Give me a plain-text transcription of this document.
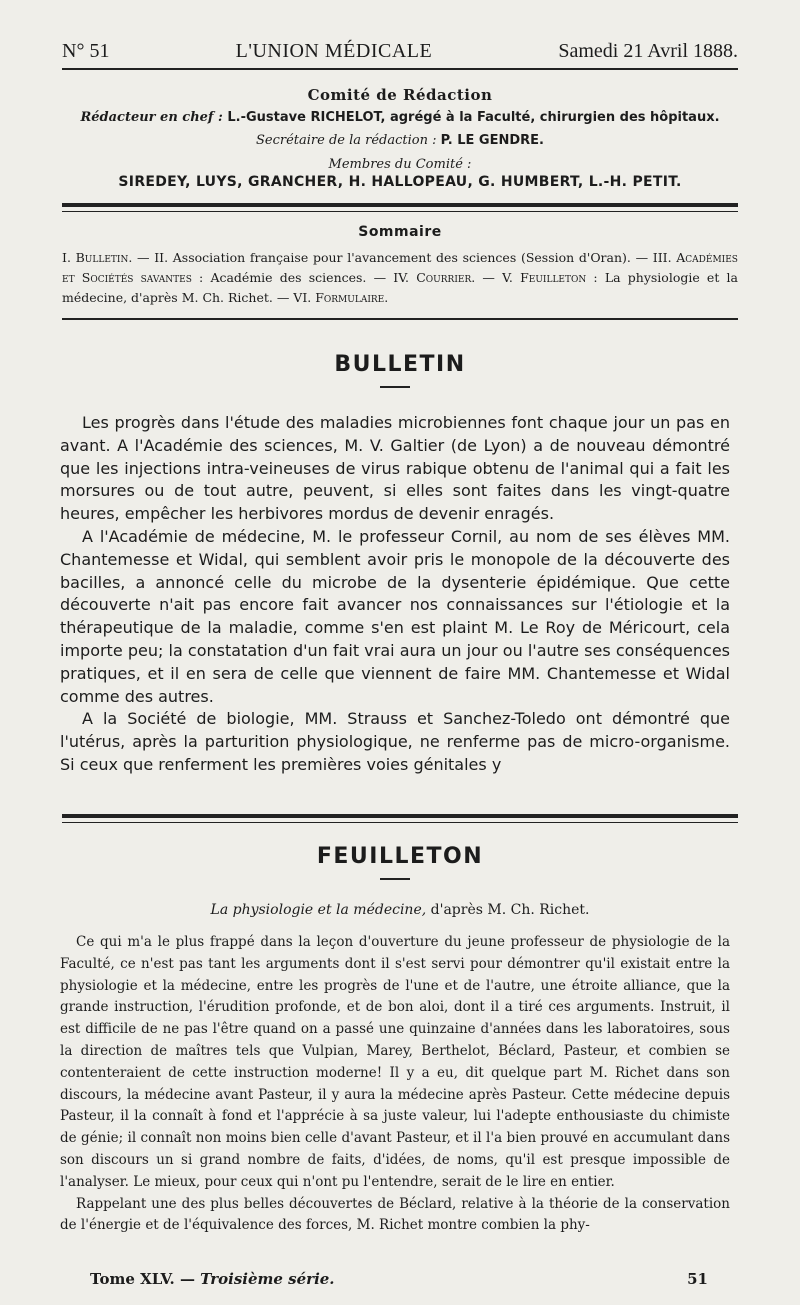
N° 51	L'UNION MÉDICALE	Samedi 21 Avril 1888.
Comité de Rédaction
Rédacteur en chef : L.-Gustave RICHELOT, agrégé à la Faculté, chirurgien des hôpitaux.
Secrétaire de la rédaction : P. LE GENDRE.
Membres du Comité :
SIREDEY, LUYS, GRANCHER, H. HALLOPEAU, G. HUMBERT, L.-H. PETIT.
Sommaire
I. Bulletin. — II. Association française pour l'avancement des sciences (Session d'Oran). — III. Académies et Sociétés savantes : Académie des sciences. — IV. Courrier. — V. Feuilleton : La physiologie et la médecine, d'après M. Ch. Richet. — VI. Formulaire.
BULLETIN

Les progrès dans l'étude des maladies microbiennes font chaque jour un pas en avant. A l'Académie des sciences, M. V. Galtier (de Lyon) a de nouveau démontré que les injections intra-veineuses de virus rabique obtenu de l'animal qui a fait les morsures ou de tout autre, peuvent, si elles sont faites dans les vingt-quatre heures, empêcher les herbivores mordus de devenir enragés.

A l'Académie de médecine, M. le professeur Cornil, au nom de ses élèves MM. Chantemesse et Widal, qui semblent avoir pris le monopole de la découverte des bacilles, a annoncé celle du microbe de la dysenterie épidémique. Que cette découverte n'ait pas encore fait avancer nos connaissances sur l'étiologie et la thérapeutique de la maladie, comme s'en est plaint M. Le Roy de Méricourt, cela importe peu; la constatation d'un fait vrai aura un jour ou l'autre ses conséquences pratiques, et il en sera de celle que viennent de faire MM. Chantemesse et Widal comme des autres.

A la Société de biologie, MM. Strauss et Sanchez-Toledo ont démontré que l'utérus, après la parturition physiologique, ne renferme pas de micro-organisme. Si ceux que renferment les premières voies génitales y

FEUILLETON
La physiologie et la médecine, d'après M. Ch. Richet.

Ce qui m'a le plus frappé dans la leçon d'ouverture du jeune professeur de physiologie de la Faculté, ce n'est pas tant les arguments dont il s'est servi pour démontrer qu'il existait entre la physiologie et la médecine, entre les progrès de l'une et de l'autre, une étroite alliance, que la grande instruction, l'érudition profonde, et de bon aloi, dont il a tiré ces arguments. Instruit, il est difficile de ne pas l'être quand on a passé une quinzaine d'années dans les laboratoires, sous la direction de maîtres tels que Vulpian, Marey, Berthelot, Béclard, Pasteur, et combien se contenteraient de cette instruction moderne! Il y a eu, dit quelque part M. Richet dans son discours, la médecine avant Pasteur, il y aura la médecine après Pasteur. Cette médecine depuis Pasteur, il la connaît à fond et l'apprécie à sa juste valeur, lui l'adepte enthousiaste du chimiste de génie; il connaît non moins bien celle d'avant Pasteur, et il l'a bien prouvé en accumulant dans son discours un si grand nombre de faits, d'idées, de noms, qu'il est presque impossible de l'analyser. Le mieux, pour ceux qui n'ont pu l'entendre, serait de le lire en entier.

Rappelant une des plus belles découvertes de Béclard, relative à la théorie de la conservation de l'énergie et de l'équivalence des forces, M. Richet montre combien la phy-

Tome XLV. — Troisième série.	51
